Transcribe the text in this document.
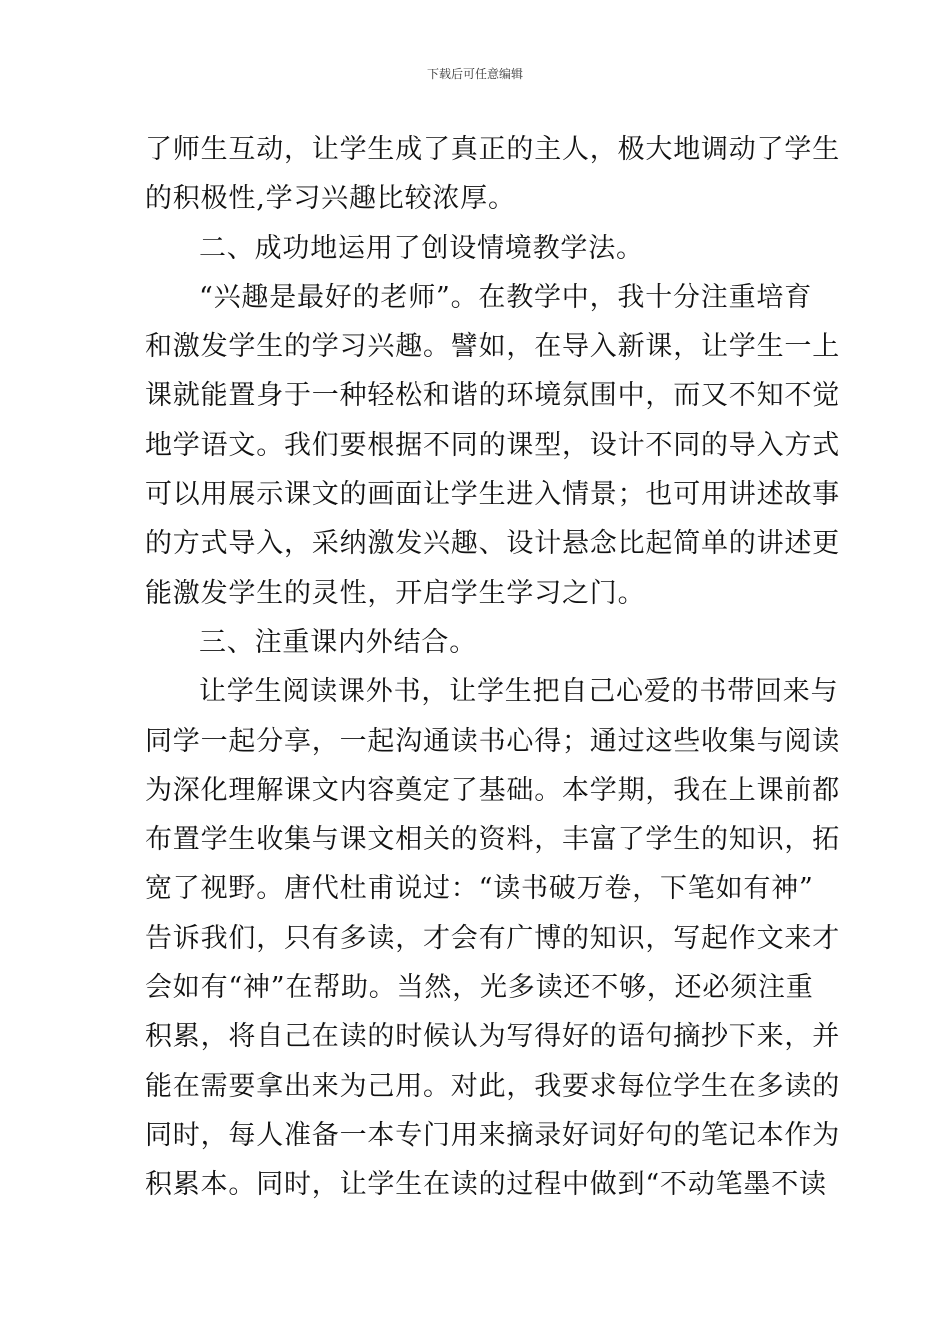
下载后可任意编辑
了师生互动，让学生成了真正的主人，极大地调动了学生
的积极性,学习兴趣比较浓厚。
二、成功地运用了创设情境教学法。
“兴趣是最好的老师”。在教学中，我十分注重培育
和激发学生的学习兴趣。譬如，在导入新课，让学生一上
课就能置身于一种轻松和谐的环境氛围中，而又不知不觉
地学语文。我们要根据不同的课型，设计不同的导入方式
可以用展示课文的画面让学生进入情景；也可用讲述故事
的方式导入，采纳激发兴趣、设计悬念比起简单的讲述更
能激发学生的灵性，开启学生学习之门。
三、注重课内外结合。
让学生阅读课外书，让学生把自己心爱的书带回来与
同学一起分享，一起沟通读书心得；通过这些收集与阅读
为深化理解课文内容奠定了基础。本学期，我在上课前都
布置学生收集与课文相关的资料，丰富了学生的知识，拓
宽了视野。唐代杜甫说过：“读书破万卷，下笔如有神”
告诉我们，只有多读，才会有广博的知识，写起作文来才
会如有“神”在帮助。当然，光多读还不够，还必须注重
积累，将自己在读的时候认为写得好的语句摘抄下来，并
能在需要拿出来为己用。对此，我要求每位学生在多读的
同时，每人准备一本专门用来摘录好词好句的笔记本作为
积累本。同时，让学生在读的过程中做到“不动笔墨不读
